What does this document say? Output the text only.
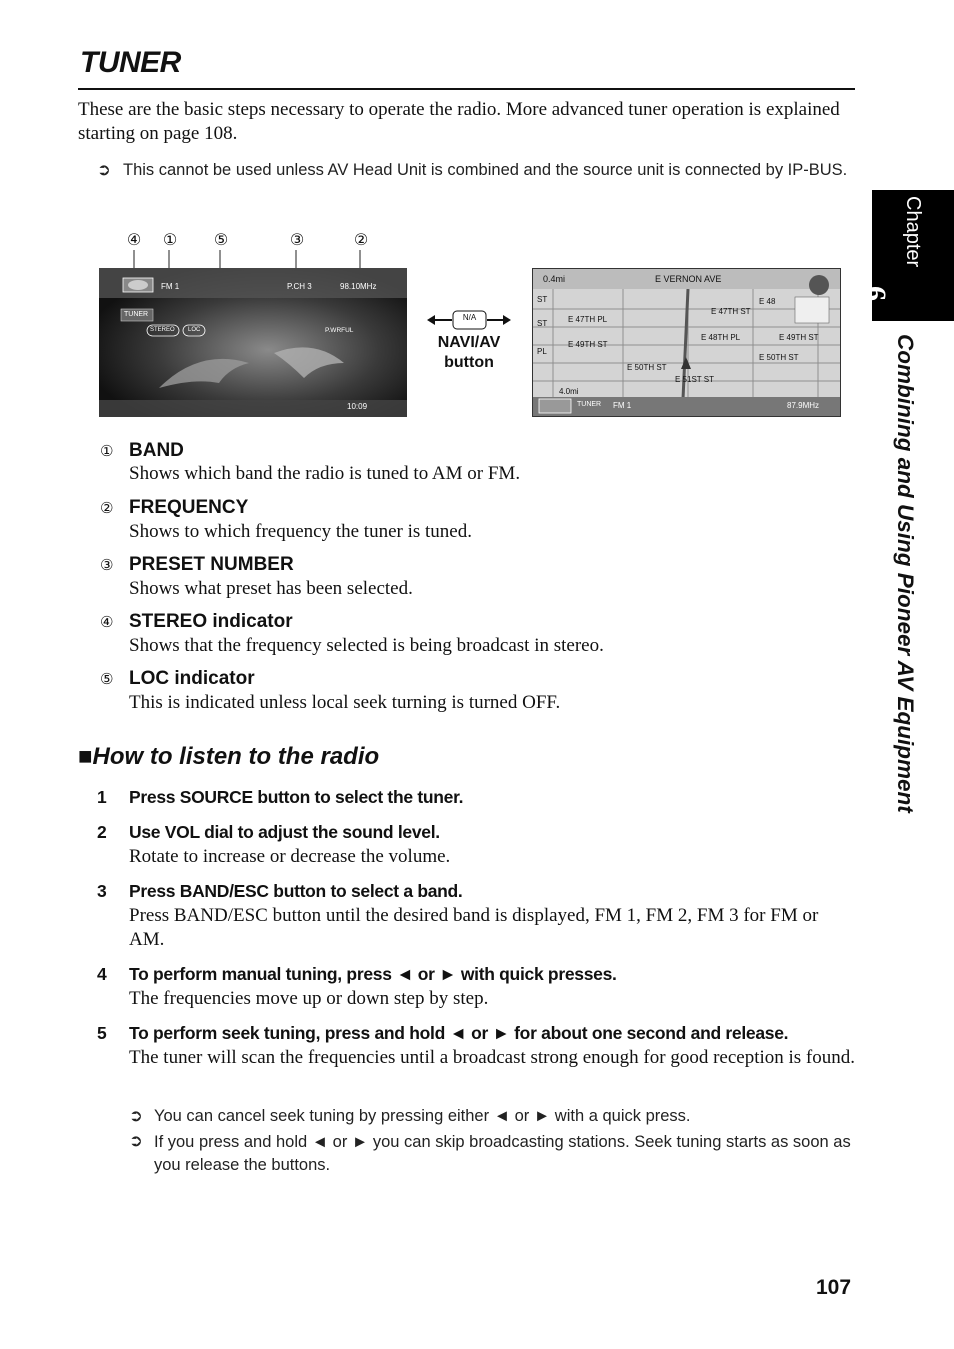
TUNER
These are the basic steps necessary to operate the radio. More advanced tuner operation is explained starting on page 108.
➲ This cannot be used unless AV Head Unit is combined and the source unit is connected by IP-BUS.
Chapter
6
Combining and Using Pioneer AV Equipment
④ ① ⑤	③	②
FM 1	P.CH 3	98.10MHz
TUNER
STEREO LOC	P.WRFUL
10:09
N/A
NAVI/AV button
0.4mi	E VERNON AVE
E 47TH PL
E 47TH ST
E 48TH PL
E 49TH ST
E 49TH ST
E 50TH ST
E 50TH ST
E 51ST ST
E 48
ST
ST
PL
4.0mi
TUNER FM 1	87.9MHz
① BAND
Shows which band the radio is tuned to AM or FM.
② FREQUENCY
Shows to which frequency the tuner is tuned.
③ PRESET NUMBER
Shows what preset has been selected.
④ STEREO indicator
Shows that the frequency selected is being broadcast in stereo.
⑤ LOC indicator
This is indicated unless local seek turning is turned OFF.
■How to listen to the radio
1 Press SOURCE button to select the tuner.
2 Use VOL dial to adjust the sound level.
Rotate to increase or decrease the volume.
3 Press BAND/ESC button to select a band.
Press BAND/ESC button until the desired band is displayed, FM 1, FM 2, FM 3 for FM or AM.
4 To perform manual tuning, press ◄ or ► with quick presses.
The frequencies move up or down step by step.
5 To perform seek tuning, press and hold ◄ or ► for about one second and release.
The tuner will scan the frequencies until a broadcast strong enough for good reception is found.
➲ You can cancel seek tuning by pressing either ◄ or ► with a quick press.
➲ If you press and hold ◄ or ► you can skip broadcasting stations. Seek tuning starts as soon as you release the buttons.
107
